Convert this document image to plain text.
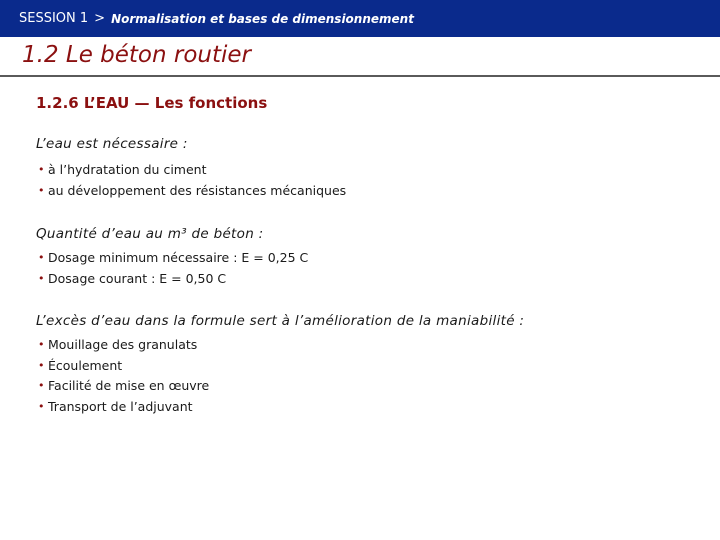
SESSION 1 > Normalisation et bases de dimensionnement
1.2 Le béton routier
1.2.6 L’EAU — Les fonctions
L’eau est nécessaire :
• à l’hydratation du ciment
• au développement des résistances mécaniques
Quantité d’eau au m³ de béton :
• Dosage minimum nécessaire : E = 0,25 C
• Dosage courant : E = 0,50 C
L’excès d’eau dans la formule sert à l’amélioration de la maniabilité :
• Mouillage des granulats
• Écoulement
• Facilité de mise en œuvre
• Transport de l’adjuvant
